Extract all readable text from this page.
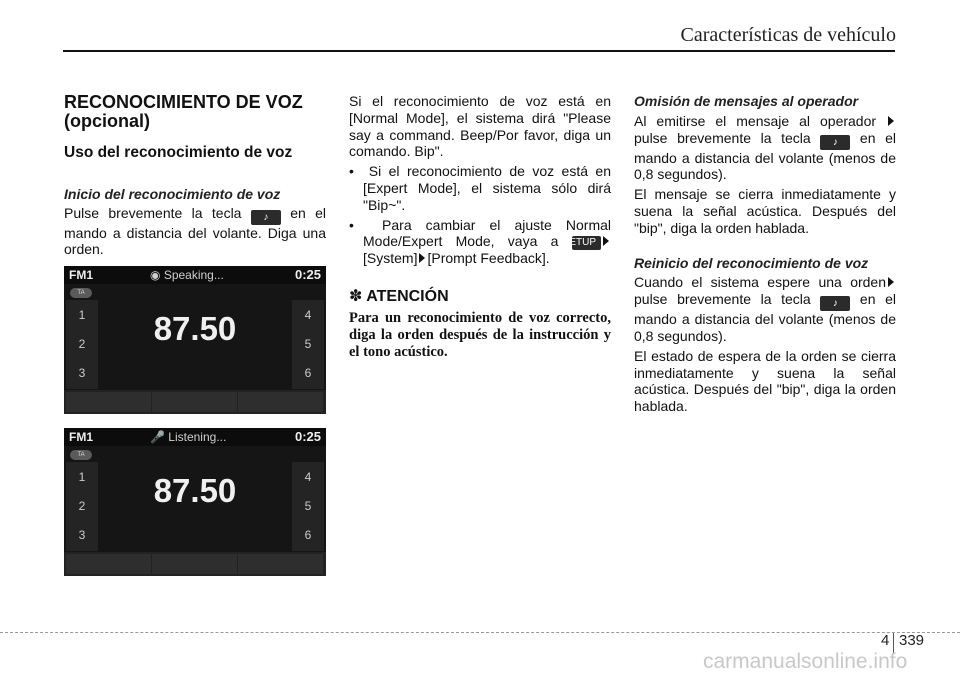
Características de vehículo
RECONOCIMIENTO DE VOZ (opcional)
Uso del reconocimiento de voz
Inicio del reconocimiento de voz

Pulse brevemente la tecla ♪ en el mando a distancia del volante. Diga una orden.

FM1	◉ Speaking...	0:25
TA
1
2
3
4
5
6
87.50
FM1	🎤 Listening...	0:25
TA
1
2
3
4
5
6
87.50

Si el reconocimiento de voz está en [Normal Mode], el sistema dirá "Please say a command. Beep/Por favor, diga un comando. Bip".

•  Si el reconocimiento de voz está en [Expert Mode], el sistema sólo dirá "Bip~".

•  Para cambiar el ajuste Normal Mode/Expert Mode, vaya a SETUP [System] [Prompt Feedback].

✽ ATENCIÓN

Para un reconocimiento de voz correcto, diga la orden después de la instrucción y el tono acústico.

Omisión de mensajes al operador

Al emitirse el mensaje al operador  pulse brevemente la tecla ♪ en el mando a distancia del volante (menos de 0,8 segundos).

El mensaje se cierra inmediatamente y suena la señal acústica. Después del "bip", diga la orden hablada.

Reinicio del reconocimiento de voz

Cuando el sistema espere una orden pulse brevemente la tecla ♪ en el mando a distancia del volante (menos de 0,8 segundos).

El estado de espera de la orden se cierra inmediatamente y suena la señal acústica. Después del "bip", diga la orden hablada.

4 339
carmanualsonline.info
